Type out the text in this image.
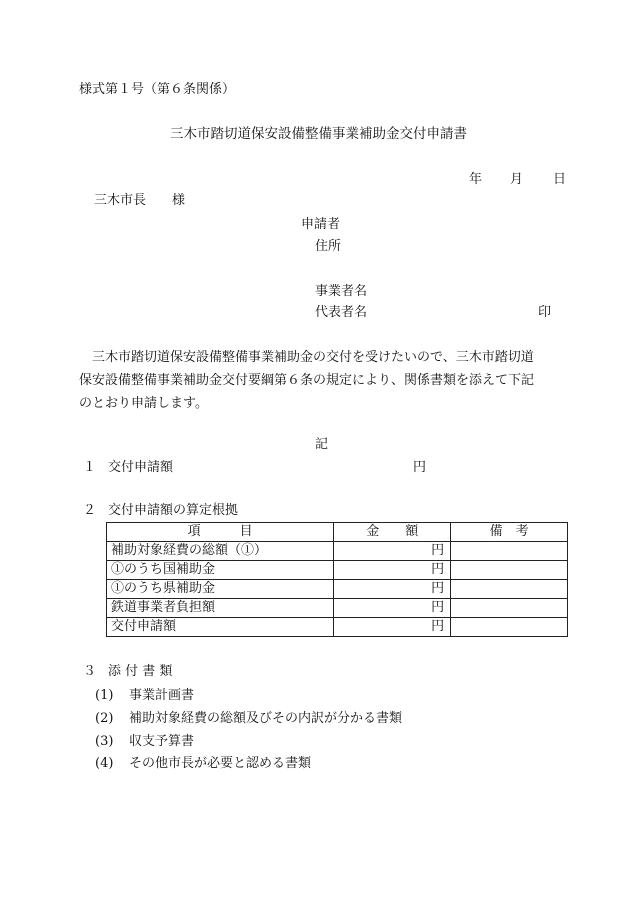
様式第１号（第６条関係）
三木市踏切道保安設備整備事業補助金交付申請書
年 月 日
三木市長　　様
申請者
住所
事業者名
代表者名	印
　三木市踏切道保安設備整備事業補助金の交付を受けたいので、三木市踏切道
保安設備整備事業補助金交付要綱第６条の規定により、関係書類を添えて下記
のとおり申請します。
記
１ 交付申請額	円
２ 交付申請額の算定根拠
項　　　目	金　　額	備　考
補助対象経費の総額（①）	円	
①のうち国補助金	円	
①のうち県補助金	円	
鉄道事業者負担額	円	
交付申請額	円	
３ 添 付 書 類
(1) 事業計画書
(2) 補助対象経費の総額及びその内訳が分かる書類
(3) 収支予算書
(4) その他市長が必要と認める書類
